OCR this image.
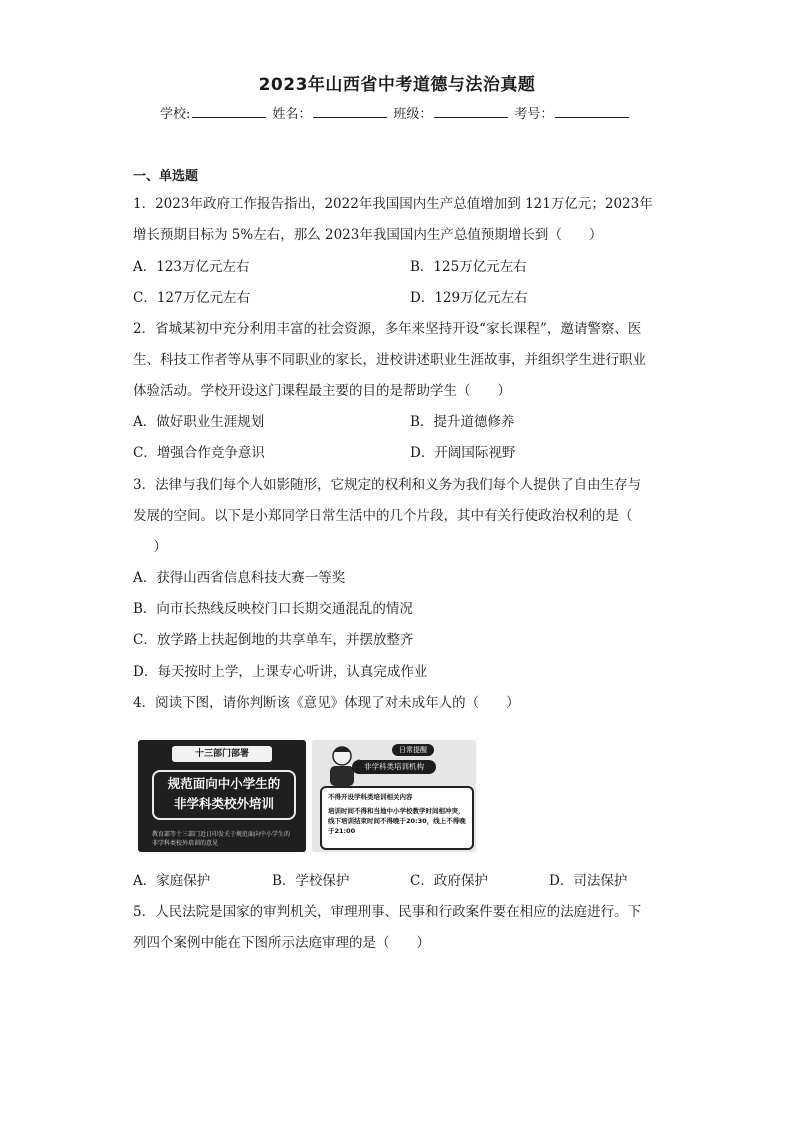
2023年山西省中考道德与法治真题
学校:	姓名：	班级：	考号：
一、单选题
1．2023年政府工作报告指出，2022年我国国内生产总值增加到 121万亿元；2023年
增长预期目标为 5%左右，那么 2023年我国国内生产总值预期增长到（　　）
A．123万亿元左右	B．125万亿元左右
C．127万亿元左右	D．129万亿元左右
2．省城某初中充分利用丰富的社会资源，多年来坚持开设“家长课程”，邀请警察、医
生、科技工作者等从事不同职业的家长，进校讲述职业生涯故事，并组织学生进行职业
体验活动。学校开设这门课程最主要的目的是帮助学生（　　）
A．做好职业生涯规划	B．提升道德修养
C．增强合作竞争意识	D．开阔国际视野
3．法律与我们每个人如影随形，它规定的权利和义务为我们每个人提供了自由生存与
发展的空间。以下是小郑同学日常生活中的几个片段，其中有关行使政治权利的是（
　）
A．获得山西省信息科技大赛一等奖
B．向市长热线反映校门口长期交通混乱的情况
C．放学路上扶起倒地的共享单车，并摆放整齐
D．每天按时上学，上课专心听讲，认真完成作业
4．阅读下图，请你判断该《意见》体现了对未成年人的（　　）
十三部门部署
规范面向中小学生的
非学科类校外培训
教育部等十三部门近日印发关于规范面向中小学生的非学科类校外培训的意见
日常提醒
非学科类培训机构
不得开设学科类培训相关内容
培训时间不得和当地中小学校教学时间相冲突，线下培训结束时间不得晚于20:30，线上不得晚于21:00
A．家庭保护	B．学校保护	C．政府保护	D．司法保护
5．人民法院是国家的审判机关，审理刑事、民事和行政案件要在相应的法庭进行。下
列四个案例中能在下图所示法庭审理的是（　　）
